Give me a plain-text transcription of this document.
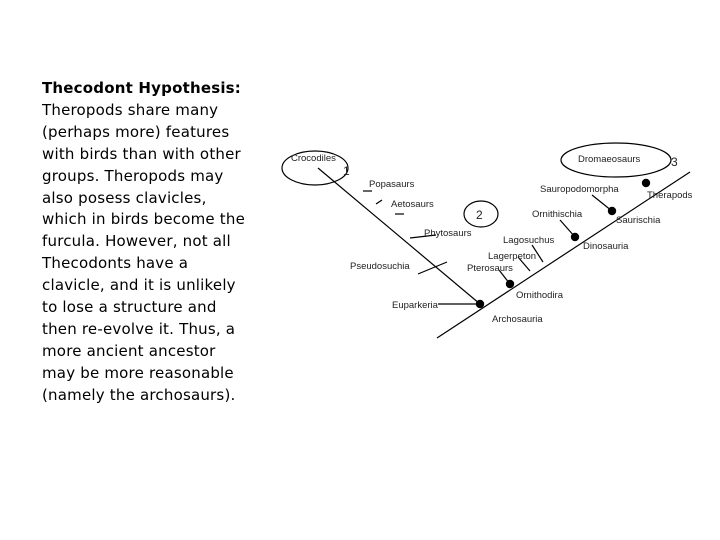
Thecodont Hypothesis:
Theropods share many
(perhaps more) features
with birds than with other
groups. Theropods may
also posess clavicles,
which in birds become the
furcula. However, not all
Thecodonts have a
clavicle, and it is unlikely
to lose a structure and
then re-evolve it. Thus, a
more ancient ancestor
may be more reasonable
(namely the archosaurs).
Crocodiles
Popasaurs
Aetosaurs
Phytosaurs
Pseudosuchia
Euparkeria
Archosauria
Ornithodira
Pterosaurs
Lagerpeton
Lagosuchus
Dinosauria
Ornithischia
Saurischia
Sauropodomorpha
Therapods
Dromaeosaurs
1
2
3
